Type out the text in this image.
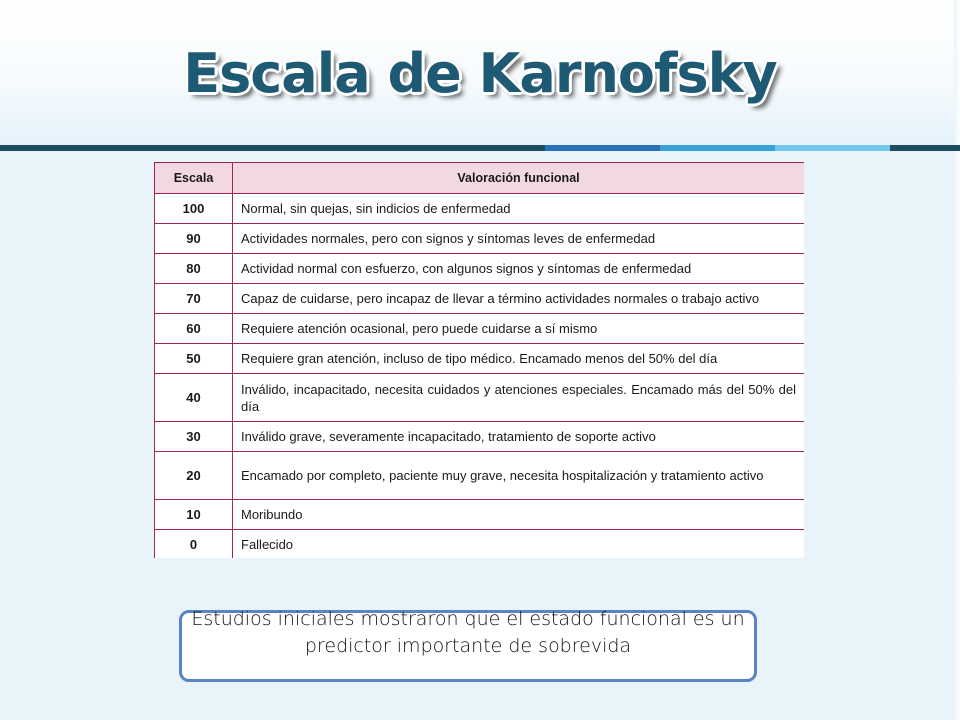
Escala de Karnofsky
Escala	Valoración funcional
100	Normal, sin quejas, sin indicios de enfermedad
90	Actividades normales, pero con signos y síntomas leves de enfermedad
80	Actividad normal con esfuerzo, con algunos signos y síntomas de enfermedad
70	Capaz de cuidarse, pero incapaz de llevar a término actividades normales o trabajo activo
60	Requiere atención ocasional, pero puede cuidarse a sí mismo
50	Requiere gran atención, incluso de tipo médico. Encamado menos del 50% del día
40	Inválido, incapacitado, necesita cuidados y atenciones especiales. Encamado más del 50% del día
30	Inválido grave, severamente incapacitado, tratamiento de soporte activo
20	Encamado por completo, paciente muy grave, necesita hospitalización y tratamiento activo
10	Moribundo
0	Fallecido

Estudios iniciales mostraron que el estado funcional es un predictor importante de sobrevida
